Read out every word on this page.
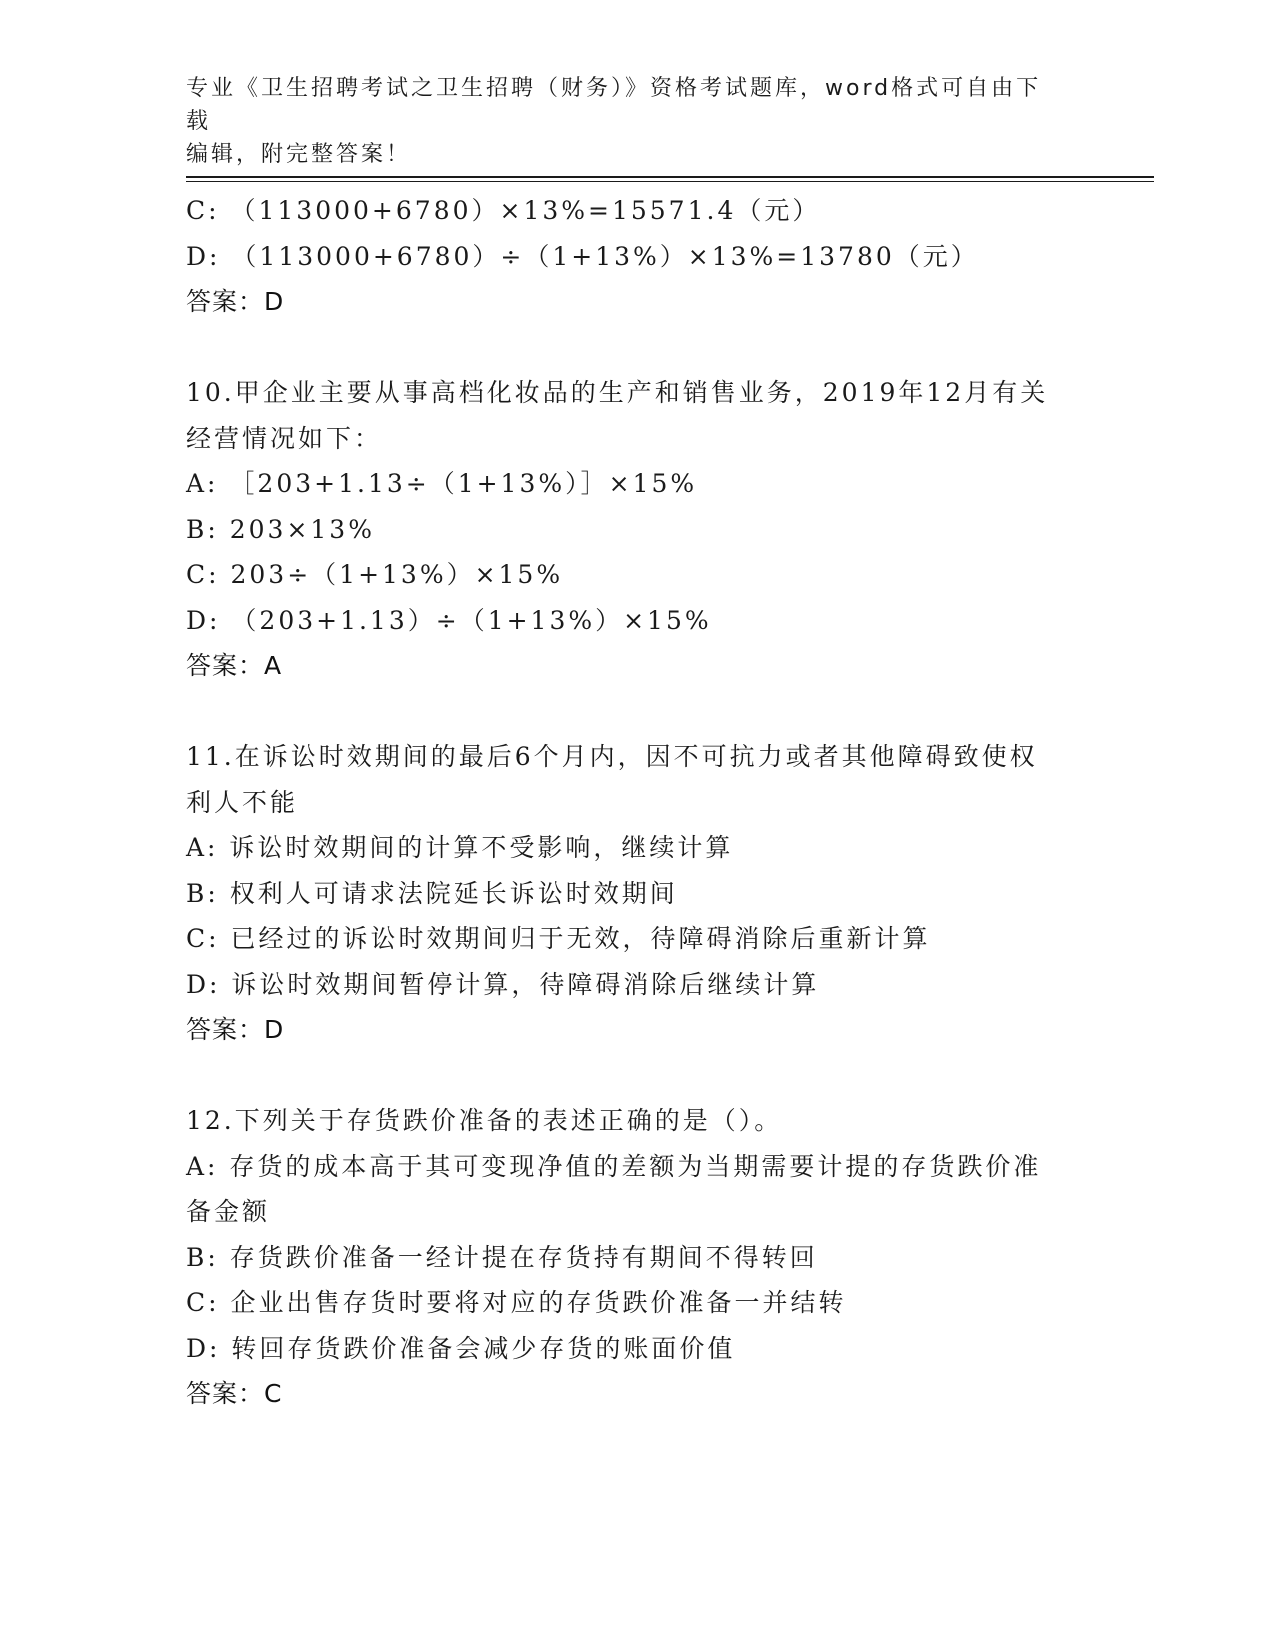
专业《卫生招聘考试之卫生招聘（财务）》资格考试题库，word格式可自由下载
编辑，附完整答案！
C: （113000+6780）×13%=15571.4（元）
D: （113000+6780）÷（1+13%）×13%=13780（元）
答案：D
10.甲企业主要从事高档化妆品的生产和销售业务，2019年12月有关
经营情况如下：
A: ［203+1.13÷（1+13%）］×15%
B: 203×13%
C: 203÷（1+13%）×15%
D: （203+1.13）÷（1+13%）×15%
答案：A
11.在诉讼时效期间的最后6个月内，因不可抗力或者其他障碍致使权
利人不能
A: 诉讼时效期间的计算不受影响，继续计算
B: 权利人可请求法院延长诉讼时效期间
C: 已经过的诉讼时效期间归于无效，待障碍消除后重新计算
D: 诉讼时效期间暂停计算，待障碍消除后继续计算
答案：D
12.下列关于存货跌价准备的表述正确的是（）。
A: 存货的成本高于其可变现净值的差额为当期需要计提的存货跌价准
备金额
B: 存货跌价准备一经计提在存货持有期间不得转回
C: 企业出售存货时要将对应的存货跌价准备一并结转
D: 转回存货跌价准备会减少存货的账面价值
答案：C
